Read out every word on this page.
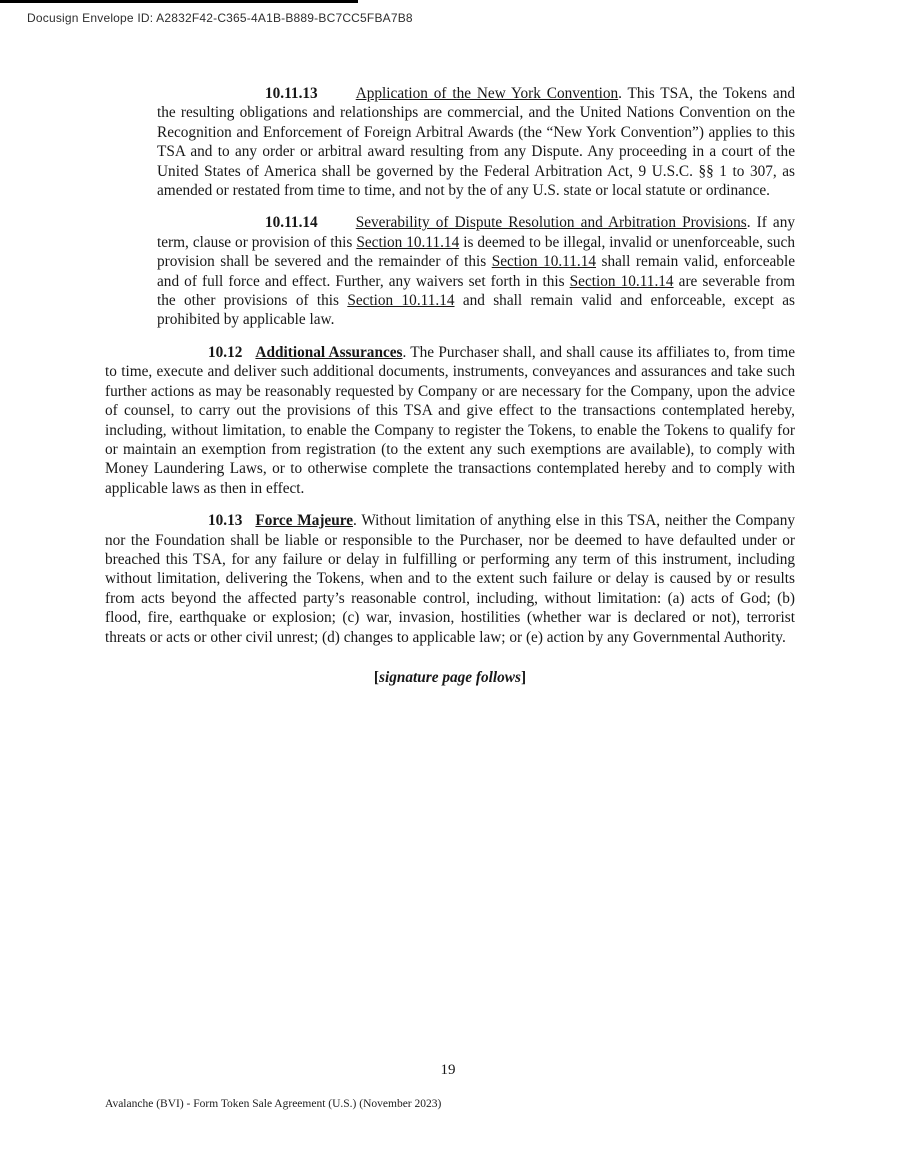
Docusign Envelope ID: A2832F42-C365-4A1B-B889-BC7CC5FBA7B8

10.11.13 Application of the New York Convention. This TSA, the Tokens and the resulting obligations and relationships are commercial, and the United Nations Convention on the Recognition and Enforcement of Foreign Arbitral Awards (the “New York Convention”) applies to this TSA and to any order or arbitral award resulting from any Dispute. Any proceeding in a court of the United States of America shall be governed by the Federal Arbitration Act, 9 U.S.C. §§ 1 to 307, as amended or restated from time to time, and not by the of any U.S. state or local statute or ordinance.

10.11.14 Severability of Dispute Resolution and Arbitration Provisions. If any term, clause or provision of this Section 10.11.14 is deemed to be illegal, invalid or unenforceable, such provision shall be severed and the remainder of this Section 10.11.14 shall remain valid, enforceable and of full force and effect. Further, any waivers set forth in this Section 10.11.14 are severable from the other provisions of this Section 10.11.14 and shall remain valid and enforceable, except as prohibited by applicable law.

10.12 Additional Assurances. The Purchaser shall, and shall cause its affiliates to, from time to time, execute and deliver such additional documents, instruments, conveyances and assurances and take such further actions as may be reasonably requested by Company or are necessary for the Company, upon the advice of counsel, to carry out the provisions of this TSA and give effect to the transactions contemplated hereby, including, without limitation, to enable the Company to register the Tokens, to enable the Tokens to qualify for or maintain an exemption from registration (to the extent any such exemptions are available), to comply with Money Laundering Laws, or to otherwise complete the transactions contemplated hereby and to comply with applicable laws as then in effect.

10.13 Force Majeure. Without limitation of anything else in this TSA, neither the Company nor the Foundation shall be liable or responsible to the Purchaser, nor be deemed to have defaulted under or breached this TSA, for any failure or delay in fulfilling or performing any term of this instrument, including without limitation, delivering the Tokens, when and to the extent such failure or delay is caused by or results from acts beyond the affected party’s reasonable control, including, without limitation: (a) acts of God; (b) flood, fire, earthquake or explosion; (c) war, invasion, hostilities (whether war is declared or not), terrorist threats or acts or other civil unrest; (d) changes to applicable law; or (e) action by any Governmental Authority.

[signature page follows]

19
Avalanche (BVI) - Form Token Sale Agreement (U.S.) (November 2023)
